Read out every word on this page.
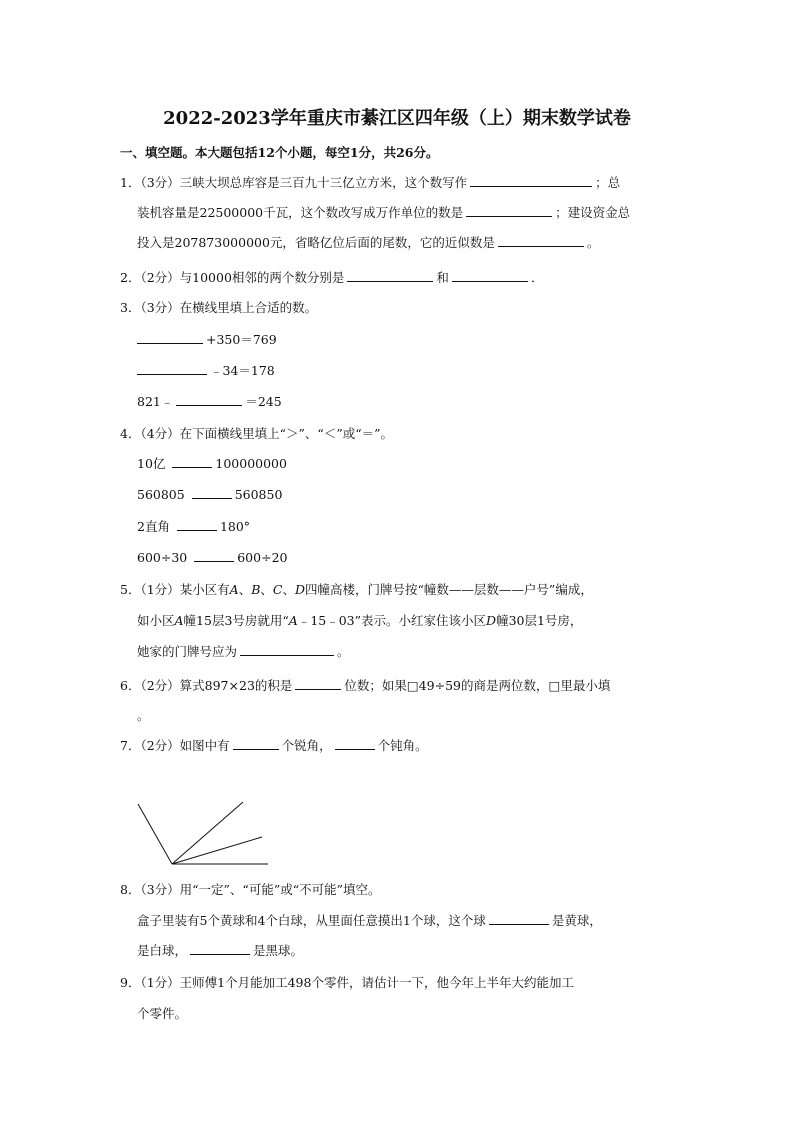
2022-2023学年重庆市綦江区四年级（上）期末数学试卷
一、填空题。本大题包括12个小题，每空1分，共26分。
1．（3分）三峡大坝总库容是三百九十三亿立方米，这个数写作	；总
装机容量是22500000千瓦，这个数改写成万作单位的数是	；建设资金总
投入是207873000000元，省略亿位后面的尾数，它的近似数是	。
2．（2分）与10000相邻的两个数分别是	和	．
3．（3分）在横线里填上合适的数。
+350＝769
﹣34＝178
821﹣	＝245
4．（4分）在下面横线里填上“＞”、“＜”或“＝”。
10亿	100000000
560805	560850
2直角	180°
600÷30	600÷20
5．（1分）某小区有A、B、C、D四幢高楼，门牌号按“幢数——层数——户号”编成，
如小区A幢15层3号房就用“A﹣15﹣03”表示。小红家住该小区D幢30层1号房，
她家的门牌号应为	。
6．（2分）算式897×23的积是	位数；如果□49÷59的商是两位数，□里最小填
。
7．（2分）如图中有	个锐角，	个钝角。
8．（3分）用“一定”、“可能”或“不可能”填空。
盒子里装有5个黄球和4个白球，从里面任意摸出1个球，这个球	是黄球，
是白球，	是黑球。
9．（1分）王师傅1个月能加工498个零件，请估计一下，他今年上半年大约能加工
个零件。
